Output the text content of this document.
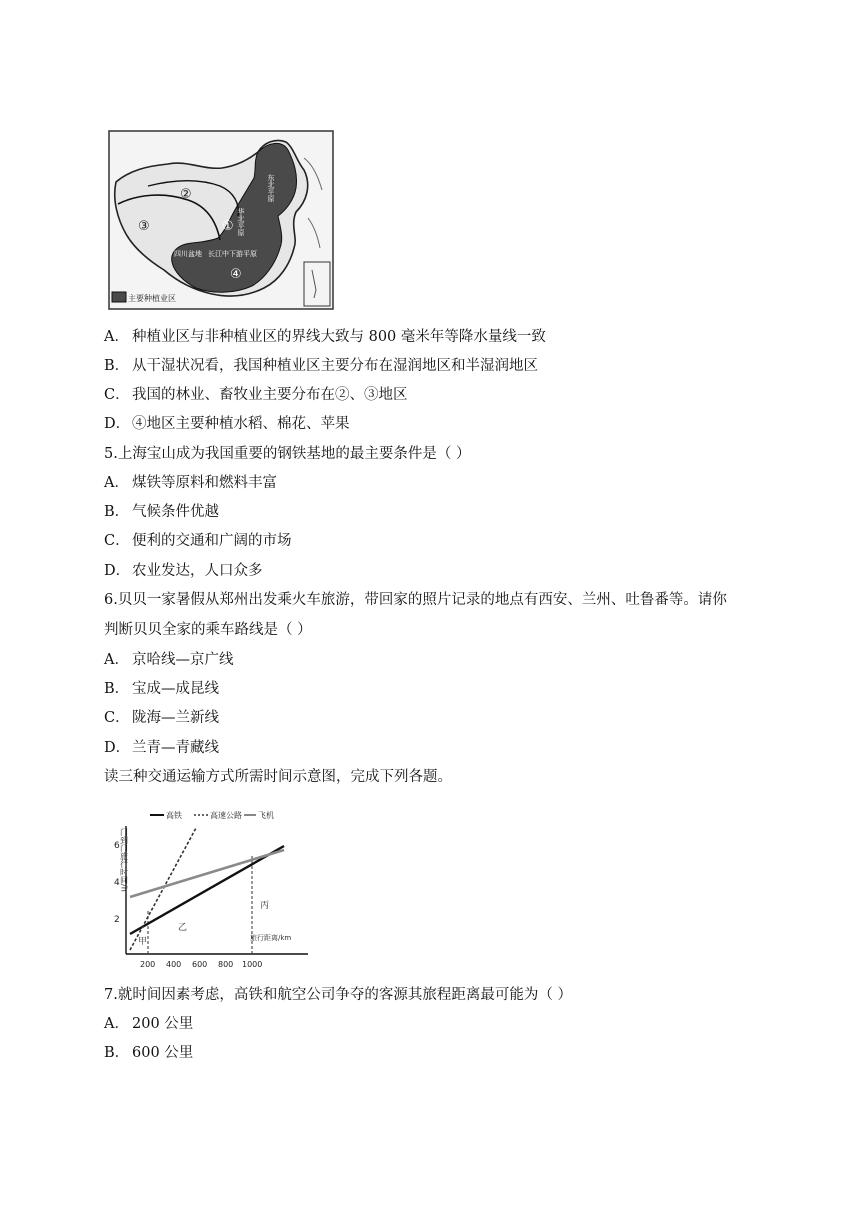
②
③	①
④
东北平原
华北平原
四川盆地 长江中下游平原
主要种植业区
A． 种植业区与非种植业区的界线大致与 800 毫米年等降水量线一致
B． 从干湿状况看，我国种植业区主要分布在湿润地区和半湿润地区
C． 我国的林业、畜牧业主要分布在②、③地区
D． ④地区主要种植水稻、棉花、苹果
5.上海宝山成为我国重要的钢铁基地的最主要条件是（ ）
A． 煤铁等原料和燃料丰富
B． 气候条件优越
C． 便利的交通和广阔的市场
D． 农业发达，人口众多
6.贝贝一家暑假从郑州出发乘火车旅游，带回家的照片记录的地点有西安、兰州、吐鲁番等。请你
判断贝贝全家的乘车路线是（ ）
A． 京哈线—京广线
B． 宝成—成昆线
C． 陇海—兰新线
D． 兰青—青藏线
读三种交通运输方式所需时间示意图，完成下列各题。
高铁	高速公路 飞机
门到门旅行时间/h
2
4
6
200 400 600 800 1000
旅行距离/km
甲
乙
丙
7.就时间因素考虑，高铁和航空公司争夺的客源其旅程距离最可能为（ ）
A． 200 公里
B． 600 公里
